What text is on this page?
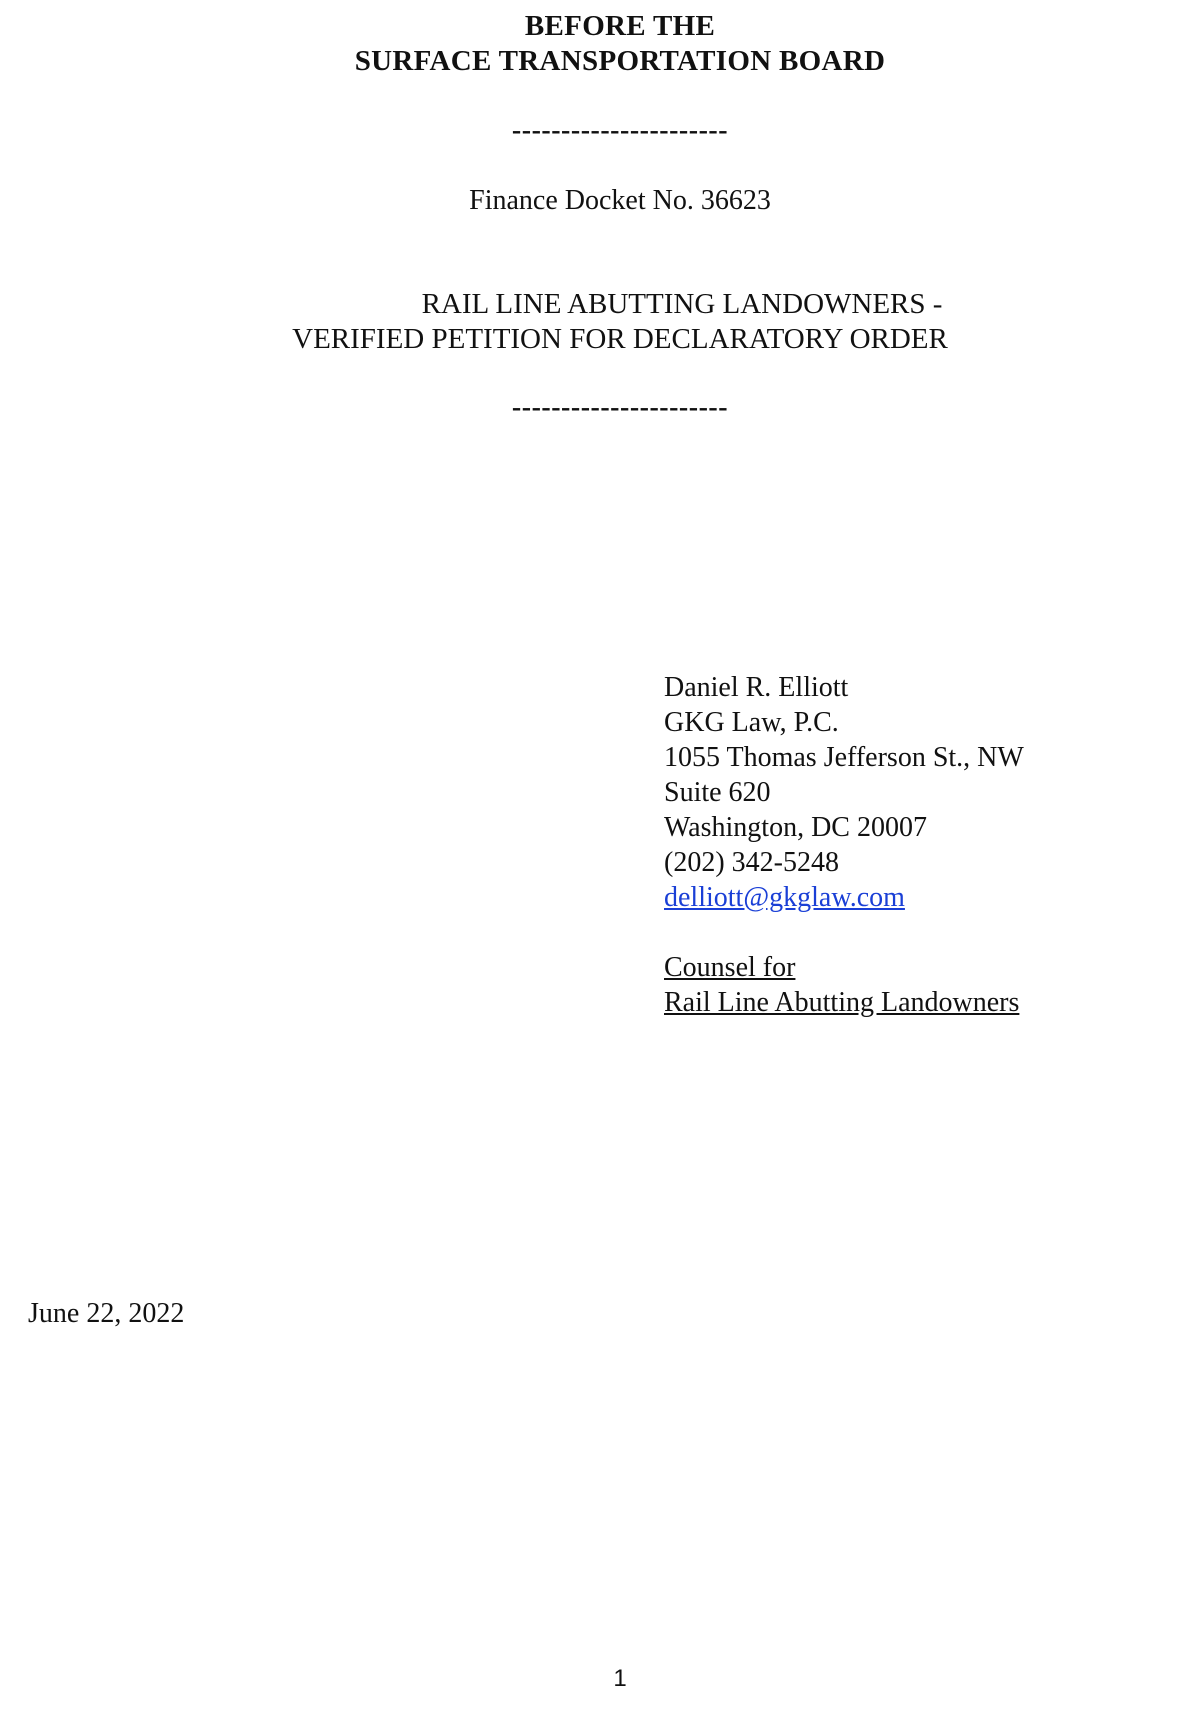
BEFORE THE
SURFACE TRANSPORTATION BOARD
----------------------
Finance Docket No. 36623
RAIL LINE ABUTTING LANDOWNERS -
VERIFIED PETITION FOR DECLARATORY ORDER
----------------------
Daniel R. Elliott
GKG Law, P.C.
1055 Thomas Jefferson St., NW
Suite 620
Washington, DC 20007
(202) 342-5248
delliott@gkglaw.com
Counsel for
Rail Line Abutting Landowners
June 22, 2022
1
